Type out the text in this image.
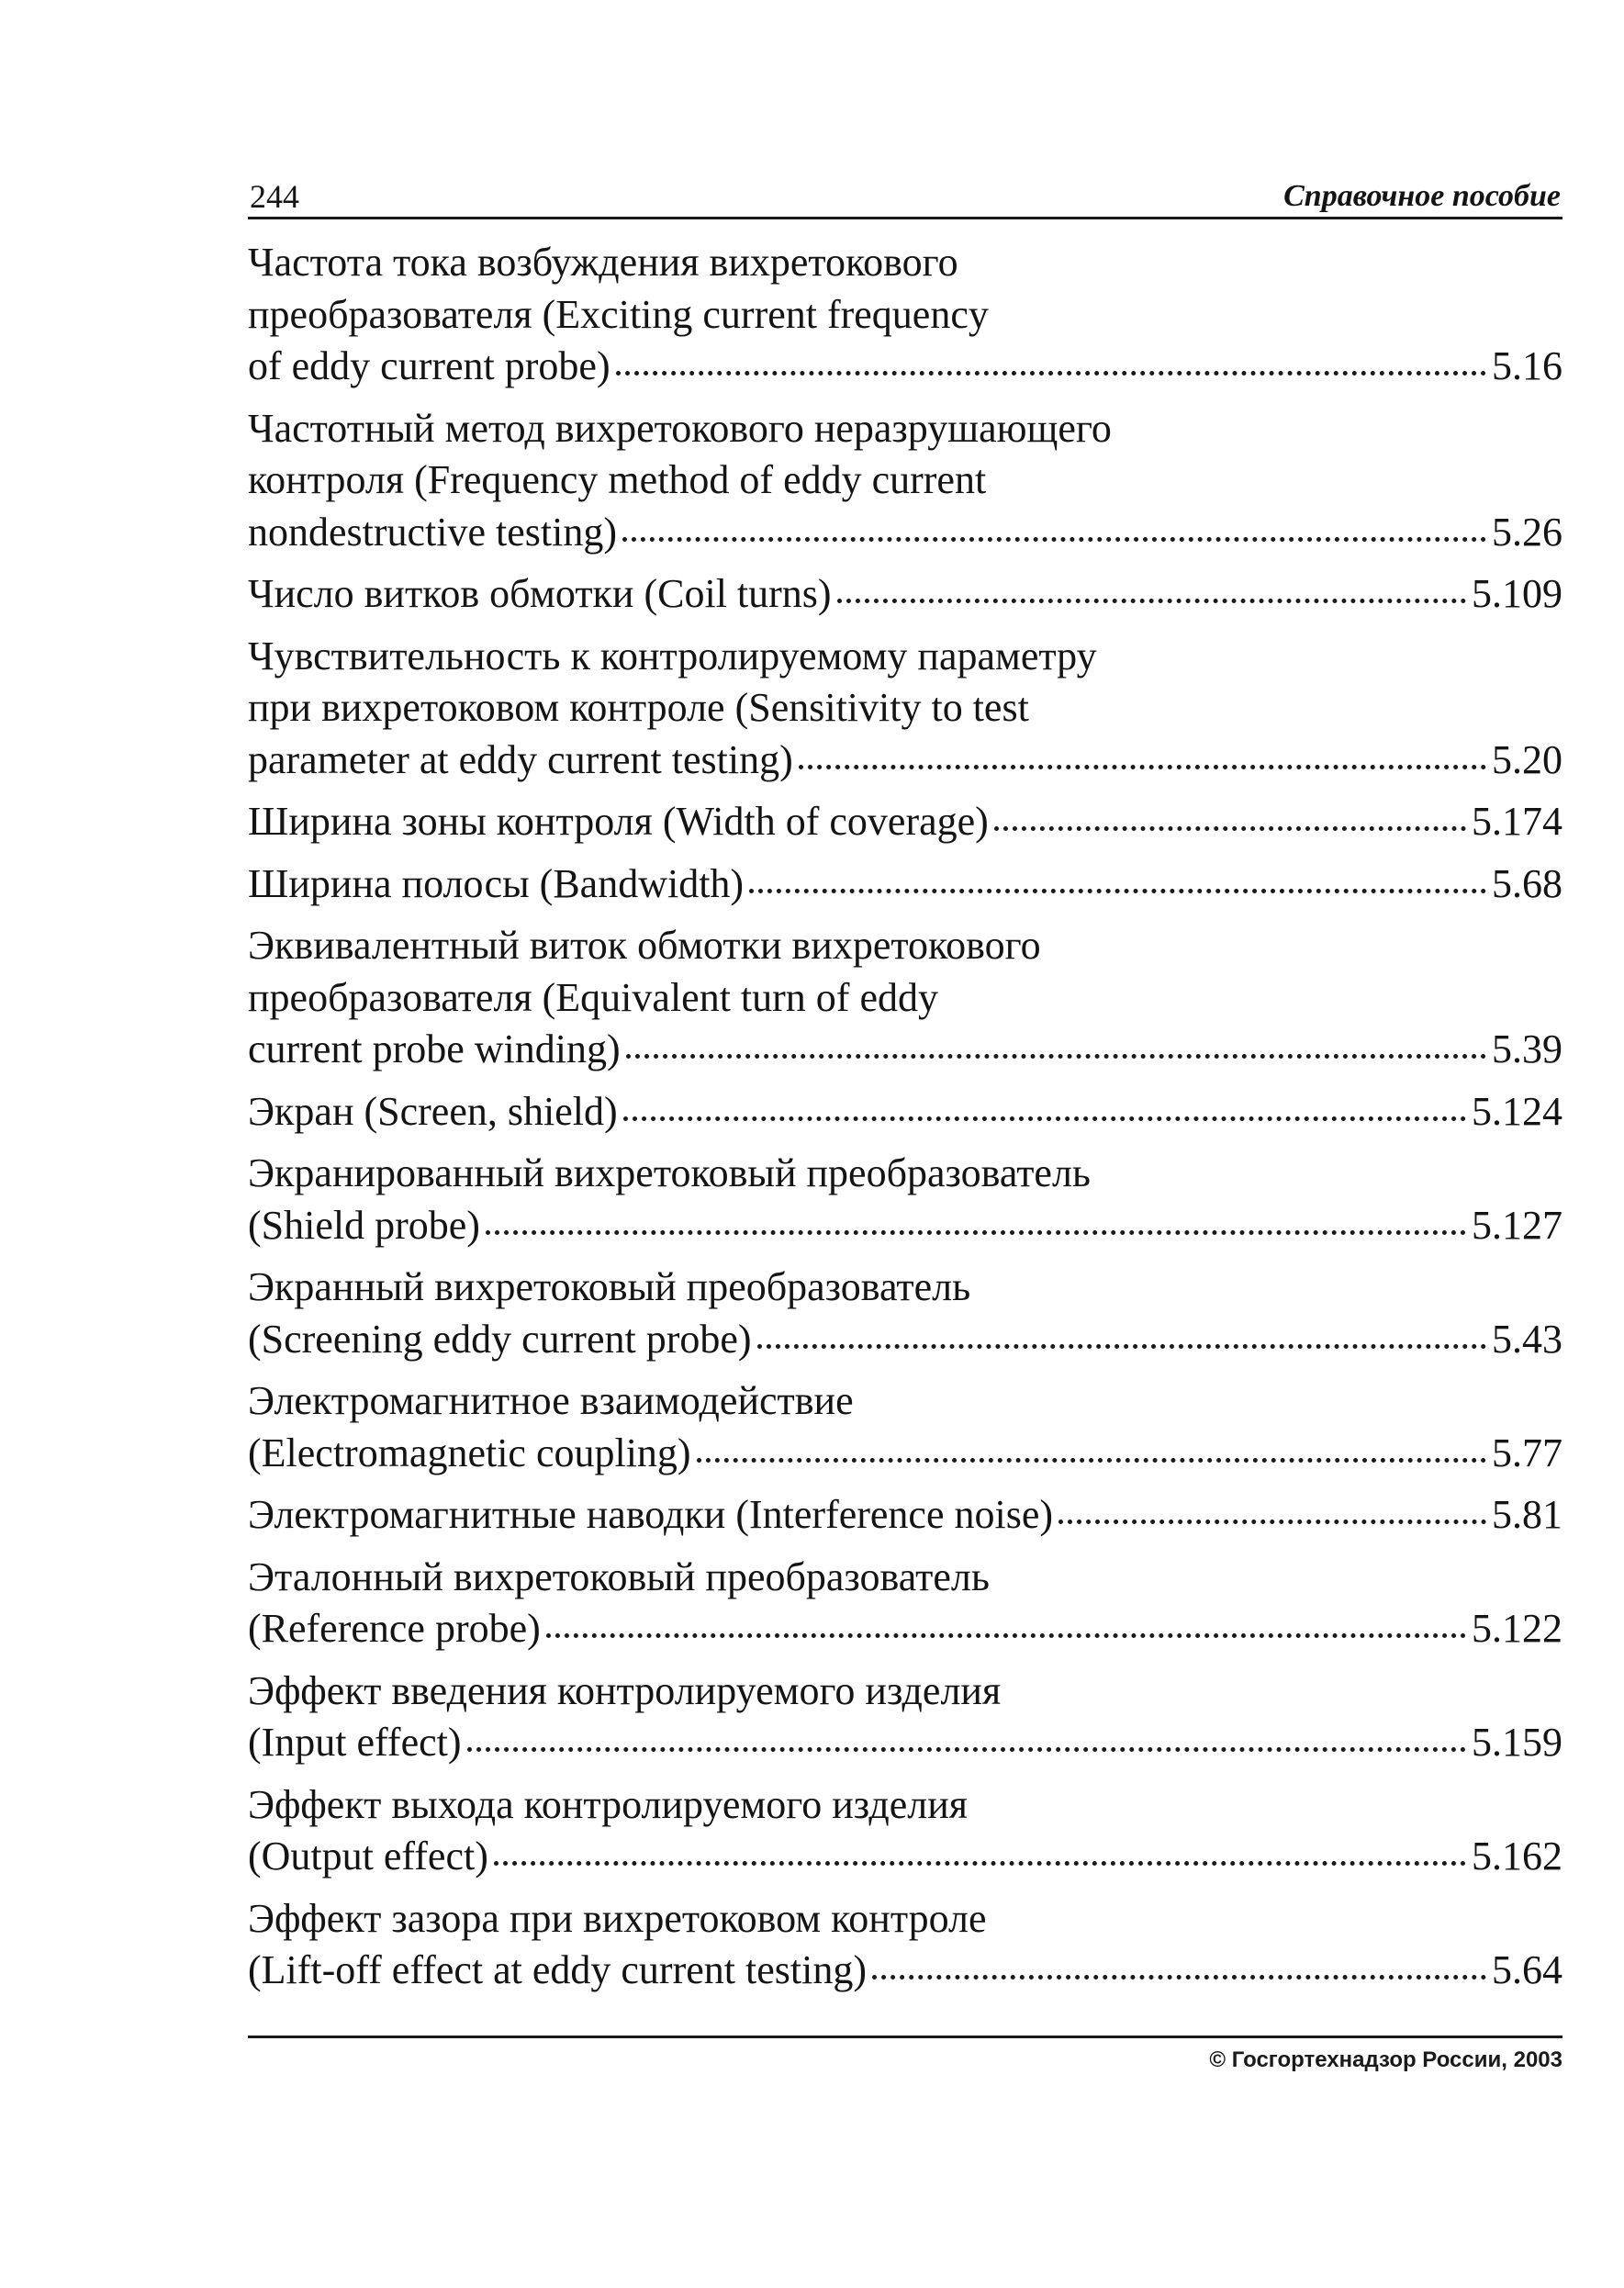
244	Справочное пособие
Частота тока возбуждения вихретокового
преобразователя (Exciting current frequency
of eddy current probe)	5.16
Частотный метод вихретокового неразрушающего
контроля (Frequency method of eddy current
nondestructive testing)	5.26
Число витков обмотки (Coil turns)	5.109
Чувствительность к контролируемому параметру
при вихретоковом контроле (Sensitivity to test
parameter at eddy current testing)	5.20
Ширина зоны контроля (Width of coverage)	5.174
Ширина полосы (Bandwidth)	5.68
Эквивалентный виток обмотки вихретокового
преобразователя (Equivalent turn of eddy
current probe winding)	5.39
Экран (Screen, shield)	5.124
Экранированный вихретоковый преобразователь
(Shield probe)	5.127
Экранный вихретоковый преобразователь
(Screening eddy current probe)	5.43
Электромагнитное взаимодействие
(Electromagnetic coupling)	5.77
Электромагнитные наводки (Interference noise)	5.81
Эталонный вихретоковый преобразователь
(Reference probe)	5.122
Эффект введения контролируемого изделия
(Input effect)	5.159
Эффект выхода контролируемого изделия
(Output effect)	5.162
Эффект зазора при вихретоковом контроле
(Lift-off effect at eddy current testing)	5.64
© Госгортехнадзор России, 2003
